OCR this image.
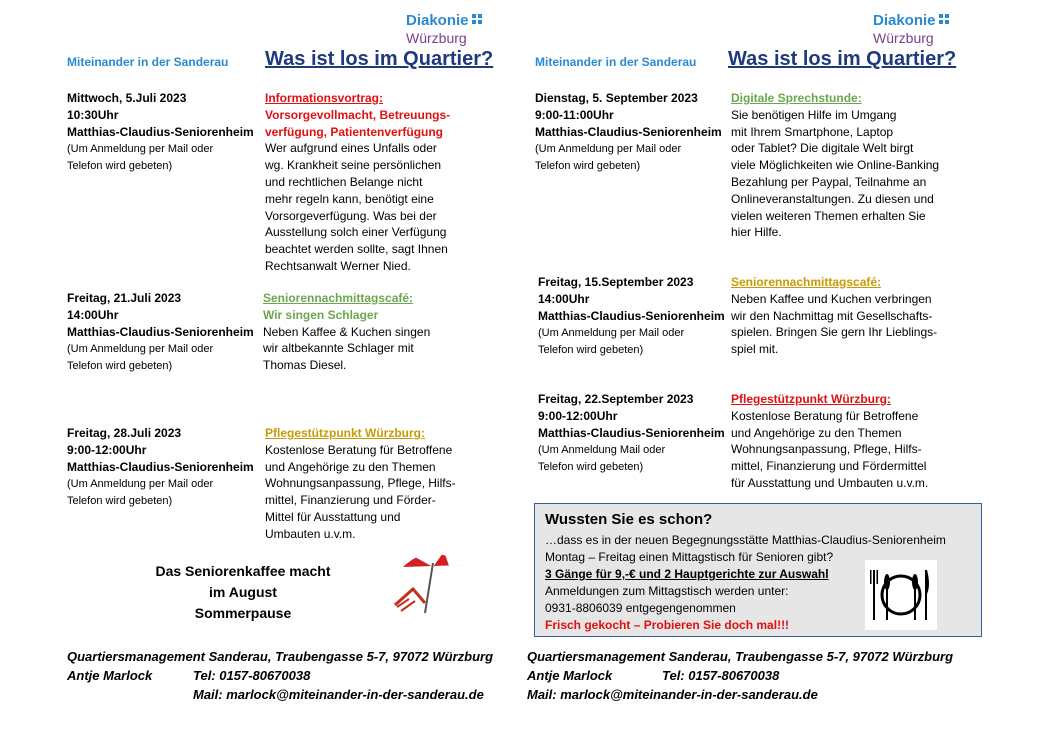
Diakonie
Würzburg
Miteinander in der Sanderau Was ist los im Quartier?
Mittwoch, 5.Juli 2023
10:30Uhr
Matthias-Claudius-Seniorenheim
(Um Anmeldung per Mail oder
Telefon wird gebeten)
Informationsvortrag:
Vorsorgevollmacht, Betreuungs-
verfügung, Patientenverfügung
Wer aufgrund eines Unfalls oder
wg. Krankheit seine persönlichen
und rechtlichen Belange nicht
mehr regeln kann, benötigt eine
Vorsorgeverfügung. Was bei der
Ausstellung solch einer Verfügung
beachtet werden sollte, sagt Ihnen
Rechtsanwalt Werner Nied.
Freitag, 21.Juli 2023
14:00Uhr
Matthias-Claudius-Seniorenheim
(Um Anmeldung per Mail oder
Telefon wird gebeten)
Seniorennachmittagscafé:
Wir singen Schlager
Neben Kaffee & Kuchen singen
wir altbekannte Schlager mit
Thomas Diesel.
Freitag, 28.Juli 2023
9:00-12:00Uhr
Matthias-Claudius-Seniorenheim
(Um Anmeldung per Mail oder
Telefon wird gebeten)
Pflegestützpunkt Würzburg:
Kostenlose Beratung für Betroffene
und Angehörige zu den Themen
Wohnungsanpassung, Pflege, Hilfs-
mittel, Finanzierung und Förder-
Mittel für Ausstattung und
Umbauten u.v.m.
Das Seniorenkaffee macht
im August
Sommerpause
Quartiersmanagement Sanderau, Traubengasse 5-7, 97072 Würzburg
Antje Marlock	Tel: 0157-80670038
Mail: marlock@miteinander-in-der-sanderau.de
Diakonie
Würzburg
Miteinander in der Sanderau Was ist los im Quartier?
Dienstag, 5. September 2023
9:00-11:00Uhr
Matthias-Claudius-Seniorenheim
(Um Anmeldung per Mail oder
Telefon wird gebeten)
Digitale Sprechstunde:
Sie benötigen Hilfe im Umgang
mit Ihrem Smartphone, Laptop
oder Tablet? Die digitale Welt birgt
viele Möglichkeiten wie Online-Banking
Bezahlung per Paypal, Teilnahme an
Onlineveranstaltungen. Zu diesen und
vielen weiteren Themen erhalten Sie
hier Hilfe.
Freitag, 15.September 2023
14:00Uhr
Matthias-Claudius-Seniorenheim
(Um Anmeldung per Mail oder
Telefon wird gebeten)
Seniorennachmittagscafé:
Neben Kaffee und Kuchen verbringen
wir den Nachmittag mit Gesellschafts-
spielen. Bringen Sie gern Ihr Lieblings-
spiel mit.
Freitag, 22.September 2023
9:00-12:00Uhr
Matthias-Claudius-Seniorenheim
(Um Anmeldung Mail oder
Telefon wird gebeten)
Pflegestützpunkt Würzburg:
Kostenlose Beratung für Betroffene
und Angehörige zu den Themen
Wohnungsanpassung, Pflege, Hilfs-
mittel, Finanzierung und Fördermittel
für Ausstattung und Umbauten u.v.m.
Wussten Sie es schon?
…dass es in der neuen Begegnungsstätte Matthias-Claudius-Seniorenheim
Montag – Freitag einen Mittagstisch für Senioren gibt?
3 Gänge für 9,-€ und 2 Hauptgerichte zur Auswahl
Anmeldungen zum Mittagstisch werden unter:
0931-8806039 entgegengenommen
Frisch gekocht – Probieren Sie doch mal!!!
Quartiersmanagement Sanderau, Traubengasse 5-7, 97072 Würzburg
Antje Marlock	Tel: 0157-80670038
Mail: marlock@miteinander-in-der-sanderau.de
